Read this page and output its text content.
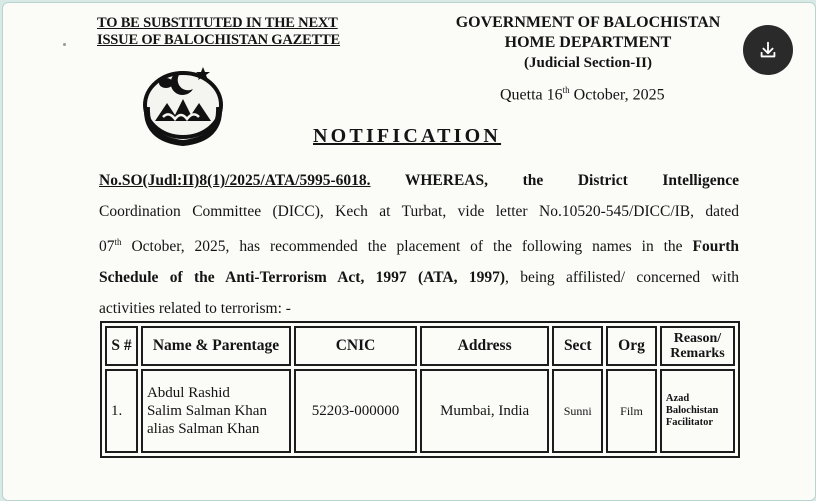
TO BE SUBSTITUTED IN THE NEXT
ISSUE OF BALOCHISTAN GAZETTE
GOVERNMENT OF BALOCHISTAN
HOME DEPARTMENT
(Judicial Section-II)
Quetta 16th October, 2025
NOTIFICATION
No.SO(Judl:II)8(1)/2025/ATA/5995-6018. WHEREAS, the District Intelligence
Coordination Committee (DICC), Kech at Turbat, vide letter No.10520-545/DICC/IB, dated
07th October, 2025, has recommended the placement of the following names in the Fourth
Schedule of the Anti-Terrorism Act, 1997 (ATA, 1997), being affilisted/ concerned with
activities related to terrorism: -
S #	Name & Parentage	CNIC	Address	Sect	Org	Reason/
Remarks

1.	Abdul Rashid
Salim Salman Khan
alias Salman Khan	52203-000000	Mumbai, India	Sunni	Film	Azad
Balochistan
Facilitator
